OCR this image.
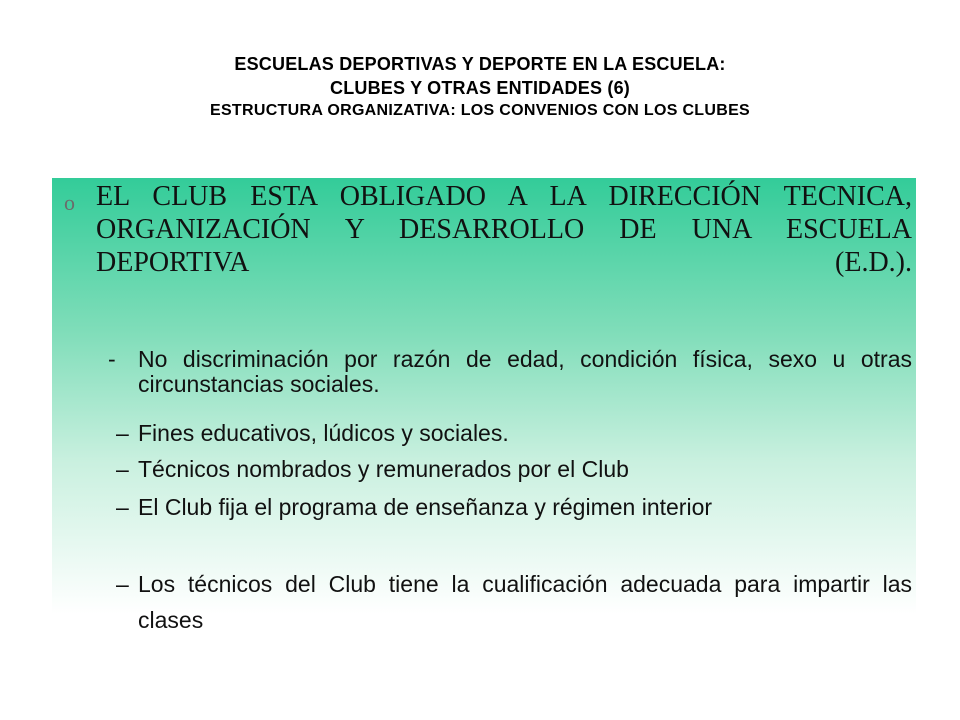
ESCUELAS DEPORTIVAS Y DEPORTE EN LA ESCUELA:
CLUBES Y OTRAS ENTIDADES (6)
ESTRUCTURA ORGANIZATIVA: LOS CONVENIOS CON LOS CLUBES
o EL CLUB ESTA OBLIGADO A LA DIRECCIÓN TECNICA, ORGANIZACIÓN Y DESARROLLO DE UNA ESCUELA DEPORTIVA (E.D.).
- No discriminación por razón de edad, condición física, sexo u otras circunstancias sociales.
– Fines educativos, lúdicos y sociales.
– Técnicos nombrados y remunerados por el Club
– El Club fija el programa de enseñanza y régimen interior
– Los técnicos del Club tiene la cualificación adecuada para impartir las clases
